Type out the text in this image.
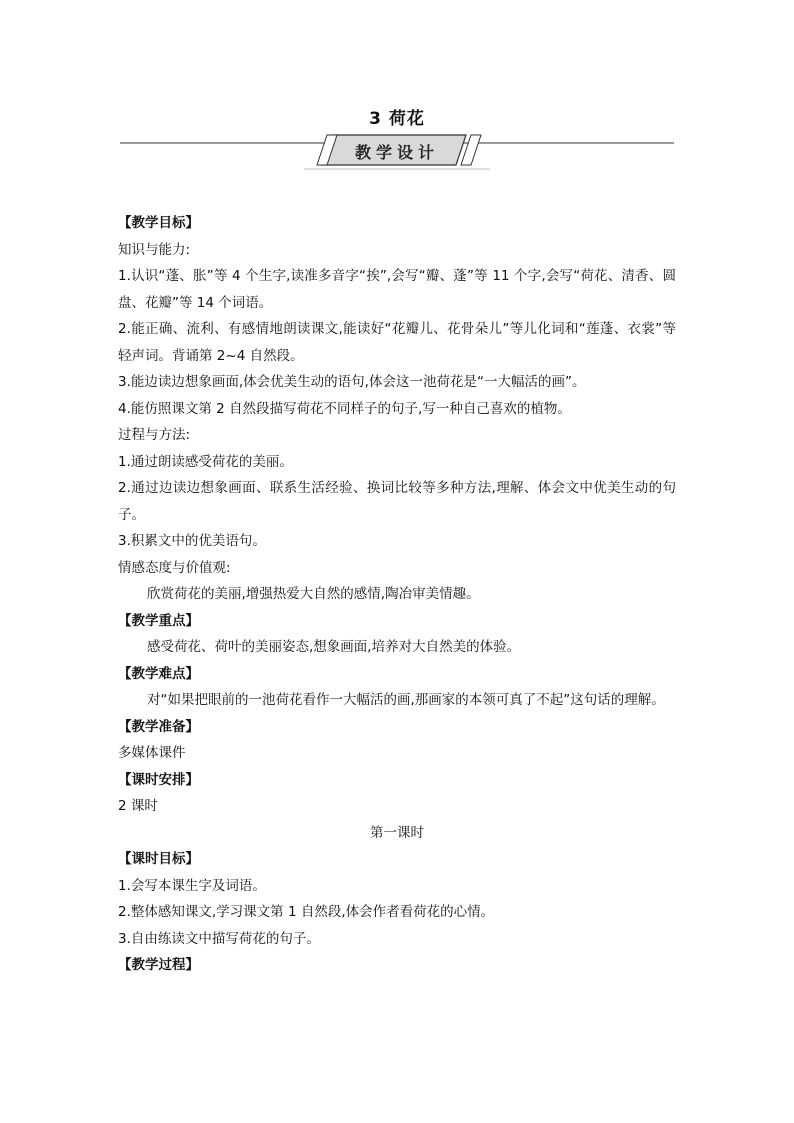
3 荷花
教学设计
【教学目标】
知识与能力:
1.认识“蓬、胀”等 4 个生字,读准多音字“挨”,会写“瓣、蓬”等 11 个字,会写“荷花、清香、圆盘、花瓣”等 14 个词语。
2.能正确、流利、有感情地朗读课文,能读好“花瓣儿、花骨朵儿”等儿化词和“莲蓬、衣裳”等轻声词。背诵第 2~4 自然段。
3.能边读边想象画面,体会优美生动的语句,体会这一池荷花是“一大幅活的画”。
4.能仿照课文第 2 自然段描写荷花不同样子的句子,写一种自己喜欢的植物。
过程与方法:
1.通过朗读感受荷花的美丽。
2.通过边读边想象画面、联系生活经验、换词比较等多种方法,理解、体会文中优美生动的句子。
3.积累文中的优美语句。
情感态度与价值观:
欣赏荷花的美丽,增强热爱大自然的感情,陶冶审美情趣。
【教学重点】
感受荷花、荷叶的美丽姿态,想象画面,培养对大自然美的体验。
【教学难点】
对“如果把眼前的一池荷花看作一大幅活的画,那画家的本领可真了不起”这句话的理解。
【教学准备】
多媒体课件
【课时安排】
2 课时
第一课时
【课时目标】
1.会写本课生字及词语。
2.整体感知课文,学习课文第 1 自然段,体会作者看荷花的心情。
3.自由练读文中描写荷花的句子。
【教学过程】
